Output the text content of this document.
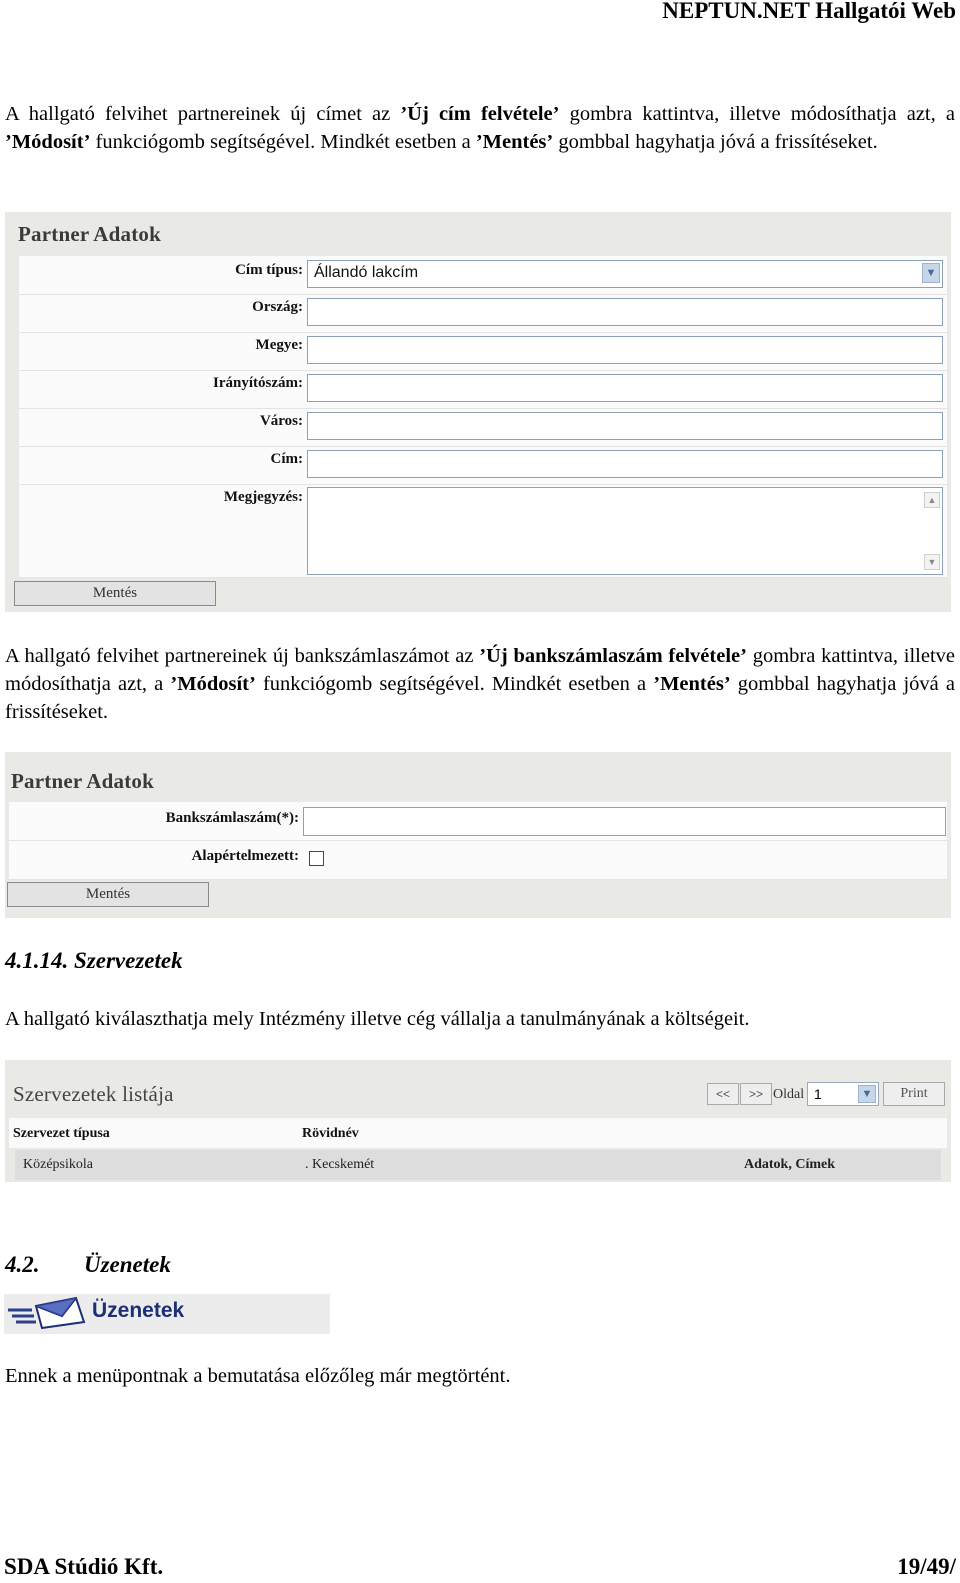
NEPTUN.NET Hallgatói Web
A hallgató felvihet partnereinek új címet az ’Új cím felvétele’ gombra kattintva, illetve módosíthatja azt, a ’Módosít’ funkciógomb segítségével. Mindkét esetben a ’Mentés’ gombbal hagyhatja jóvá a frissítéseket.
Partner Adatok
Cím típus: Állandó lakcím	▼
Ország:
Megye:
Irányítószám:
Város:
Cím:
Megjegyzés:	▲
▼
Mentés
A hallgató felvihet partnereinek új bankszámlaszámot az ’Új bankszámlaszám felvétele’ gombra kattintva, illetve módosíthatja azt, a ’Módosít’ funkciógomb segítségével. Mindkét esetben a ’Mentés’ gombbal hagyhatja jóvá a frissítéseket.
Partner Adatok
Bankszámlaszám(*):
Alapértelmezett:
Mentés
4.1.14. Szervezetek
A hallgató kiválaszthatja mely Intézmény illetve cég vállalja a tanulmányának a költségeit.
Szervezetek listája	<<	>> Oldal 1	▼	Print
Szervezet típusa	Rövidnév
Középsikola	. Kecskemét	Adatok, Címek
4.2. Üzenetek
Üzenetek
Ennek a menüpontnak a bemutatása előzőleg már megtörtént.
SDA Stúdió Kft.	19/49/
